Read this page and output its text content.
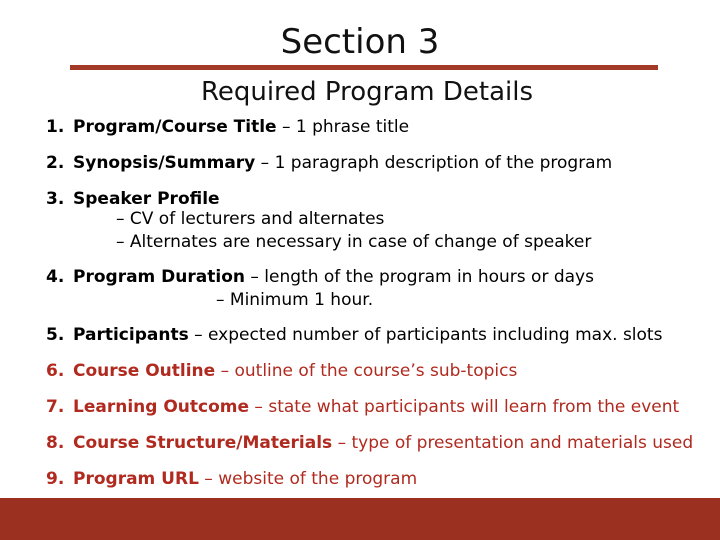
Section 3
Required Program Details
1. Program/Course Title – 1 phrase title
2. Synopsis/Summary – 1 paragraph description of the program
3. Speaker Profile
– CV of lecturers and alternates
– Alternates are necessary in case of change of speaker
4. Program Duration – length of the program in hours or days
– Minimum 1 hour.
5. Participants – expected number of participants including max. slots
6. Course Outline – outline of the course’s sub-topics
7. Learning Outcome – state what participants will learn from the event
8. Course Structure/Materials – type of presentation and materials used
9. Program URL – website of the program
